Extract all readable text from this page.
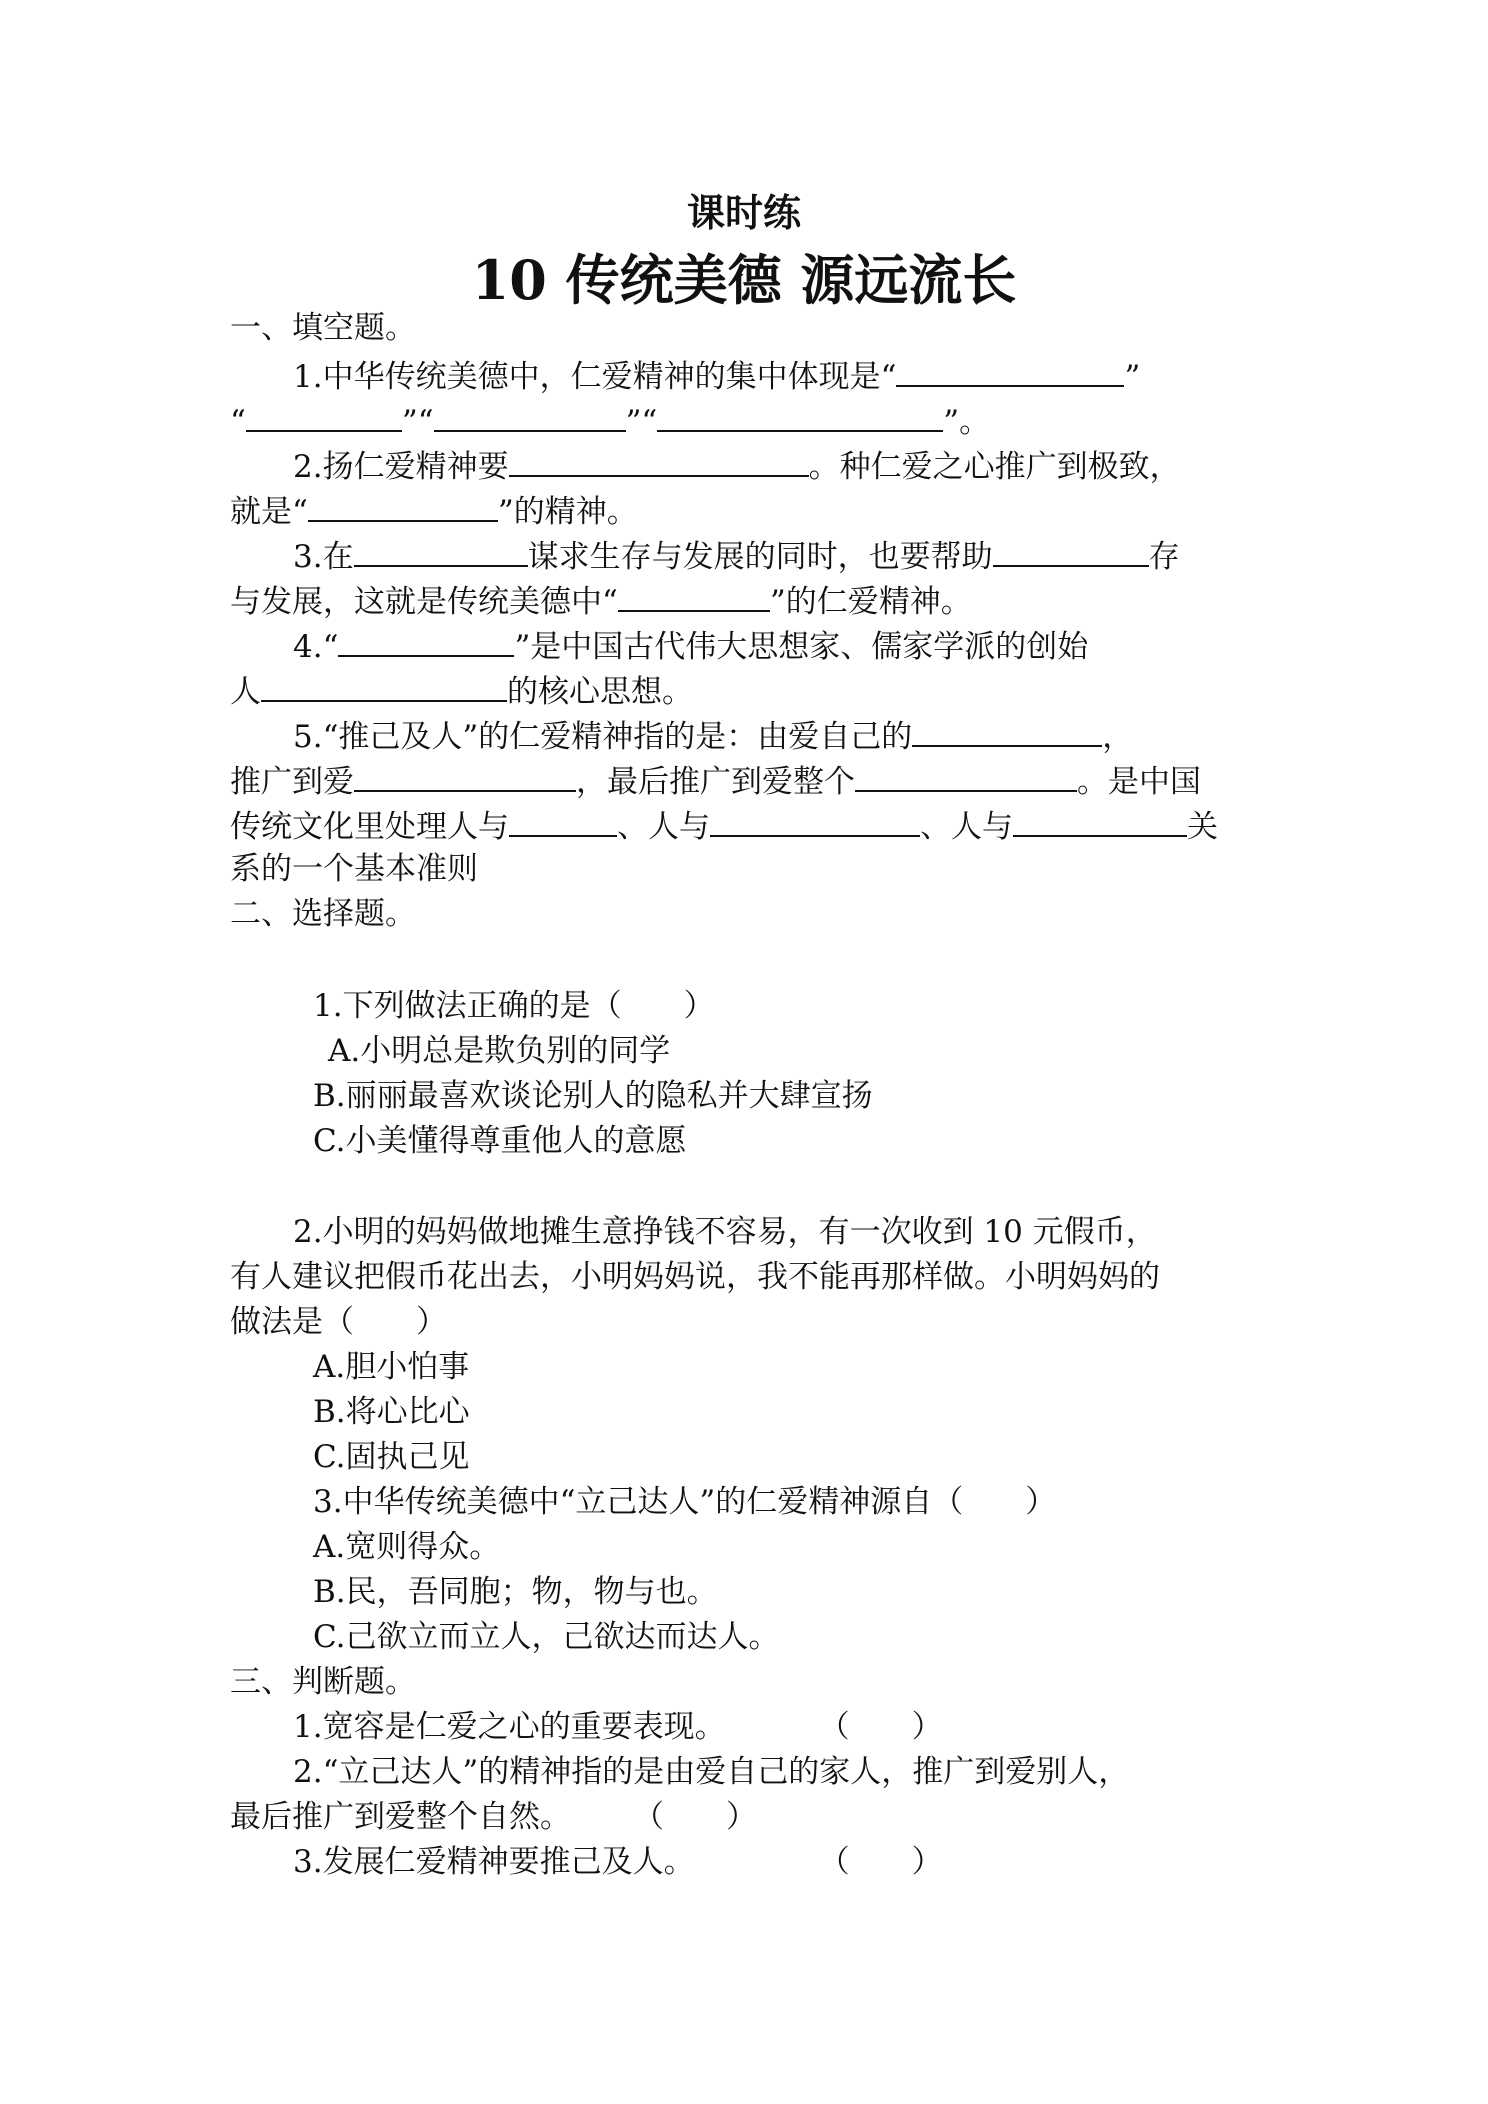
课时练
10 传统美德 源远流长
一、填空题。
1.中华传统美德中，仁爱精神的集中体现是“	”
“	”“	”“	”。
2.扬仁爱精神要	。种仁爱之心推广到极致，
就是“	”的精神。
3.在	谋求生存与发展的同时，也要帮助	存
与发展，这就是传统美德中“	”的仁爱精神。
4.“	”是中国古代伟大思想家、儒家学派的创始
人	的核心思想。
5.“推己及人”的仁爱精神指的是：由爱自己的	，
推广到爱	，最后推广到爱整个	。是中国
传统文化里处理人与	、人与	、人与	关
系的一个基本准则
二、选择题。
1.下列做法正确的是（　　）
A.小明总是欺负别的同学
B.丽丽最喜欢谈论别人的隐私并大肆宣扬
C.小美懂得尊重他人的意愿
2.小明的妈妈做地摊生意挣钱不容易，有一次收到 10 元假币，
有人建议把假币花出去，小明妈妈说，我不能再那样做。小明妈妈的
做法是（　　）
A.胆小怕事
B.将心比心
C.固执己见
3.中华传统美德中“立己达人”的仁爱精神源自（　　）
A.宽则得众。
B.民，吾同胞；物，物与也。
C.己欲立而立人，己欲达而达人。
三、判断题。
1.宽容是仁爱之心的重要表现。　　　　（　　）
2.“立己达人”的精神指的是由爱自己的家人，推广到爱别人，
最后推广到爱整个自然。　　　（　　）
3.发展仁爱精神要推己及人。　　　　　（　　）
